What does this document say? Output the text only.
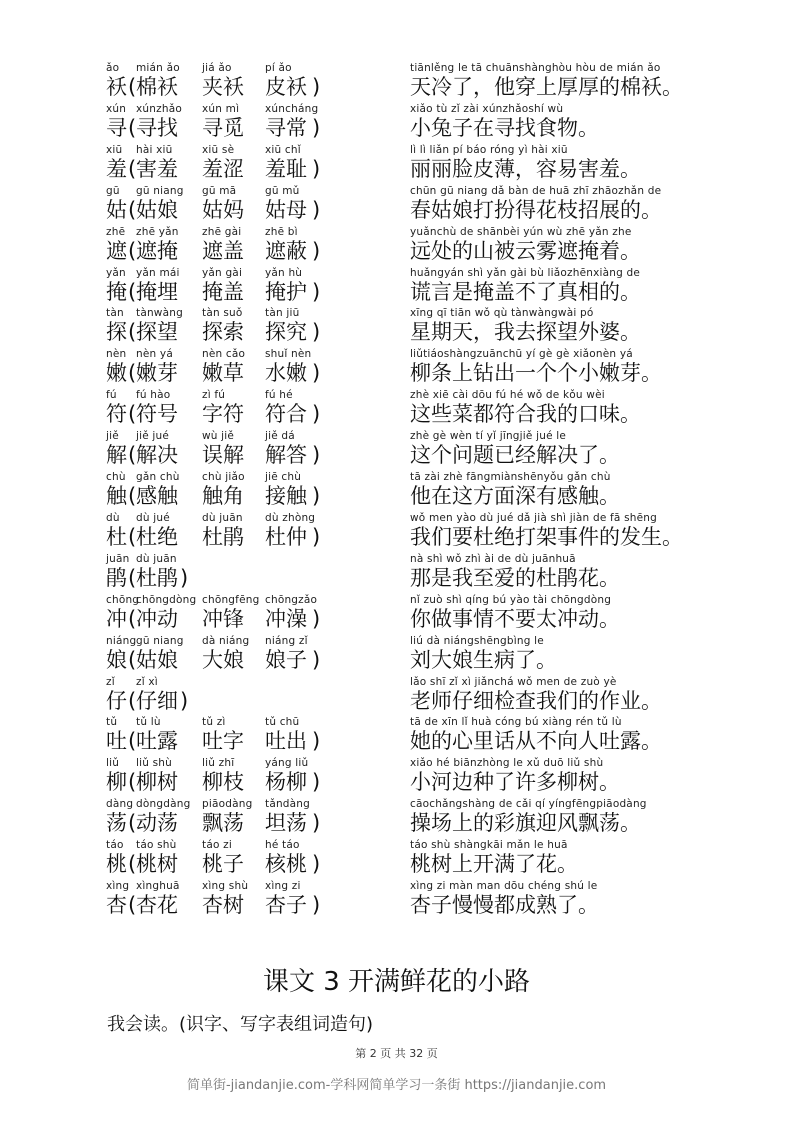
ǎo
袄 (
mián ǎo
棉袄
jiá ǎo
夹袄
pí ǎo
皮袄 )
tiānlěng le tā chuānshànghòu hòu de mián ǎo
天冷了，他穿上厚厚的棉袄。
xún
寻 (
xúnzhǎo
寻找
xún mì
寻觅
xúncháng
寻常 )
xiǎo tù zǐ zài xúnzhǎoshí wù
小兔子在寻找食物。
xiū
羞 (
hài xiū
害羞
xiū sè
羞涩
xiū chǐ
羞耻 )
lì lì liǎn pí báo róng yì hài xiū
丽丽脸皮薄，容易害羞。
gū
姑 (
gū niang
姑娘
gū mā
姑妈
gū mǔ
姑母 )
chūn gū niang dǎ bàn de huā zhī zhāozhǎn de
春姑娘打扮得花枝招展的。
zhē
遮 (
zhē yǎn
遮掩
zhē gài
遮盖
zhē bì
遮蔽 )
yuǎnchù de shānbèi yún wù zhē yǎn zhe
远处的山被云雾遮掩着。
yǎn
掩 (
yǎn mái
掩埋
yǎn gài
掩盖
yǎn hù
掩护 )
huǎngyán shì yǎn gài bù liǎozhēnxiàng de
谎言是掩盖不了真相的。
tàn
探 (
tànwàng
探望
tàn suǒ
探索
tàn jiū
探究 )
xīng qī tiān wǒ qù tànwàngwài pó
星期天，我去探望外婆。
nèn
嫩 (
nèn yá
嫩芽
nèn cǎo
嫩草
shuǐ nèn
水嫩 )
liǔtiáoshàngzuānchū yí gè gè xiǎonèn yá
柳条上钻出一个个小嫩芽。
fú
符 (
fú hào
符号
zì fú
字符
fú hé
符合 )
zhè xiē cài dōu fú hé wǒ de kǒu wèi
这些菜都符合我的口味。
jiě
解 (
jiě jué
解决
wù jiě
误解
jiě dá
解答 )
zhè gè wèn tí yǐ jīngjiě jué le
这个问题已经解决了。
chù
触 (
gǎn chù
感触
chù jiǎo
触角
jiē chù
接触 )
tā zài zhè fāngmiànshēnyǒu gǎn chù
他在这方面深有感触。
dù
杜 (
dù jué
杜绝
dù juān
杜鹃
dù zhòng
杜仲 )
wǒ men yào dù jué dǎ jià shì jiàn de fā shēng
我们要杜绝打架事件的发生。
juān
鹃 (
dù juān
杜鹃 )
nà shì wǒ zhì ài de dù juānhuā
那是我至爱的杜鹃花。
chōng
冲 (
chōngdòng
冲动
chōngfēng
冲锋
chōngzǎo
冲澡 )
nǐ zuò shì qíng bú yào tài chōngdòng
你做事情不要太冲动。
niáng
娘 (
gū niang
姑娘
dà niáng
大娘
niáng zǐ
娘子 )
liú dà niángshēngbìng le
刘大娘生病了。
zǐ
仔 (
zǐ xì
仔细 )
lǎo shī zǐ xì jiǎnchá wǒ men de zuò yè
老师仔细检查我们的作业。
tǔ
吐 (
tǔ lù
吐露
tǔ zì
吐字
tǔ chū
吐出 )
tā de xīn lǐ huà cóng bú xiàng rén tǔ lù
她的心里话从不向人吐露。
liǔ
柳 (
liǔ shù
柳树
liǔ zhī
柳枝
yáng liǔ
杨柳 )
xiǎo hé biānzhòng le xǔ duō liǔ shù
小河边种了许多柳树。
dàng
荡 (
dòngdàng
动荡
piāodàng
飘荡
tǎndàng
坦荡 )
cāochǎngshàng de cǎi qí yíngfēngpiāodàng
操场上的彩旗迎风飘荡。
táo
桃 (
táo shù
桃树
táo zi
桃子
hé táo
核桃 )
táo shù shàngkāi mǎn le huā
桃树上开满了花。
xìng
杏 (
xìnghuā
杏花
xìng shù
杏树
xìng zi
杏子 )
xìng zi màn man dōu chéng shú le
杏子慢慢都成熟了。
课文 3 开满鲜花的小路
我会读。(识字、写字表组词造句)
第 2 页 共 32 页
简单街-jiandanjie.com-学科网简单学习一条街 https://jiandanjie.com
